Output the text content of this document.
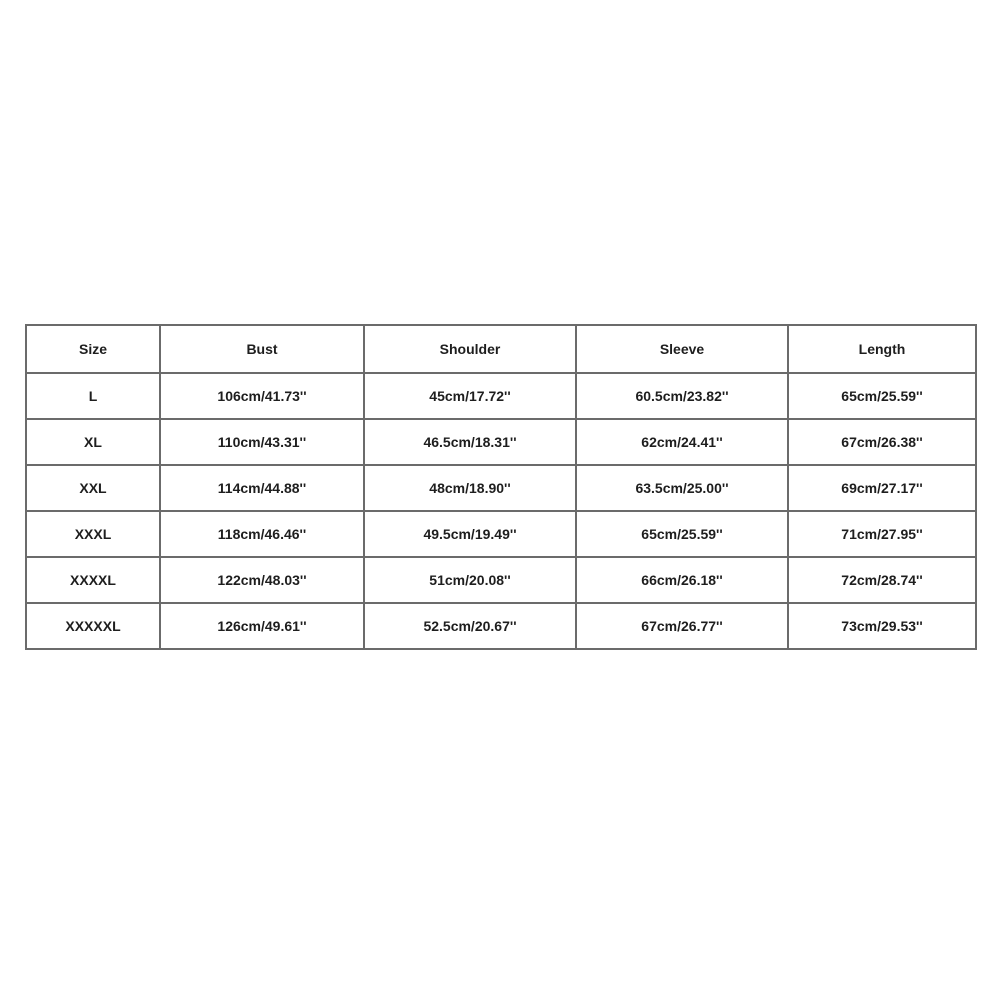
Size	Bust	Shoulder	Sleeve	Length
L	106cm/41.73''	45cm/17.72''	60.5cm/23.82''	65cm/25.59''
XL	110cm/43.31''	46.5cm/18.31''	62cm/24.41''	67cm/26.38''
XXL	114cm/44.88''	48cm/18.90''	63.5cm/25.00''	69cm/27.17''
XXXL	118cm/46.46''	49.5cm/19.49''	65cm/25.59''	71cm/27.95''
XXXXL	122cm/48.03''	51cm/20.08''	66cm/26.18''	72cm/28.74''
XXXXXL	126cm/49.61''	52.5cm/20.67''	67cm/26.77''	73cm/29.53''
